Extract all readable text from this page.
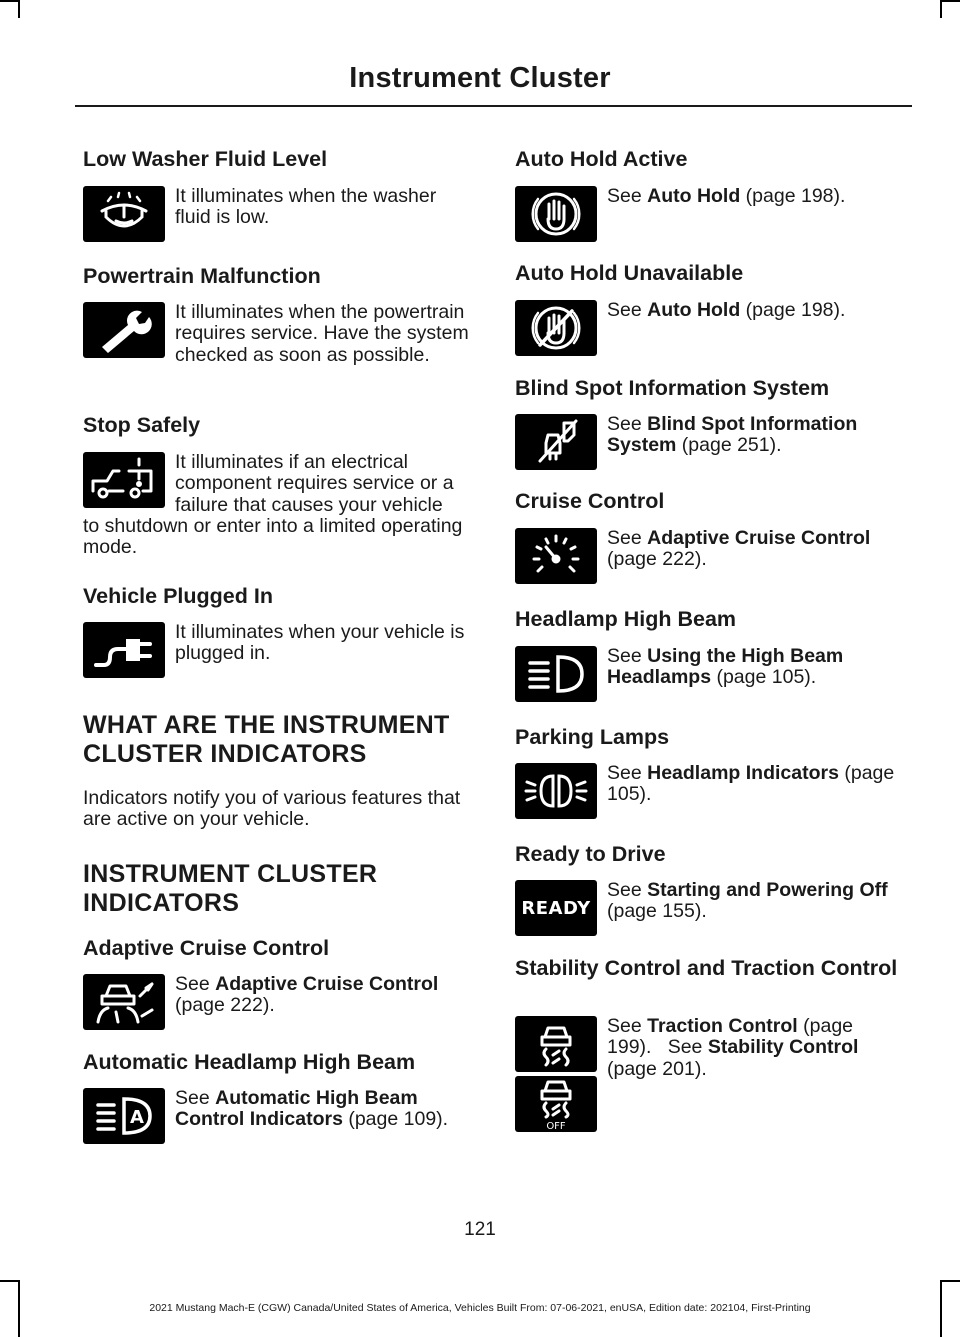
Instrument Cluster
Low Washer Fluid Level
It illuminates when the washer fluid is low.
Powertrain Malfunction
It illuminates when the powertrain requires service. Have the system checked as soon as possible.
Stop Safely
It illuminates if an electrical component requires service or a failure that causes your vehicle
to shutdown or enter into a limited operating mode.
Vehicle Plugged In
It illuminates when your vehicle is plugged in.
WHAT ARE THE INSTRUMENT CLUSTER INDICATORS
Indicators notify you of various features that are active on your vehicle.
INSTRUMENT CLUSTER INDICATORS
Adaptive Cruise Control
See Adaptive Cruise Control (page 222).
Automatic Headlamp High Beam
A
See Automatic High Beam Control Indicators (page 109).
Auto Hold Active
See Auto Hold (page 198).
Auto Hold Unavailable
See Auto Hold (page 198).
Blind Spot Information System
See Blind Spot Information System (page 251).
Cruise Control
See Adaptive Cruise Control (page 222).
Headlamp High Beam
See Using the High Beam Headlamps (page 105).
Parking Lamps
See Headlamp Indicators (page 105).
Ready to Drive
READY
See Starting and Powering Off (page 155).
Stability Control and Traction Control
OFF
See Traction Control (page 199).   See Stability Control (page 201).
121
2021 Mustang Mach-E (CGW) Canada/United States of America, Vehicles Built From: 07-06-2021, enUSA, Edition date: 202104, First-Printing
